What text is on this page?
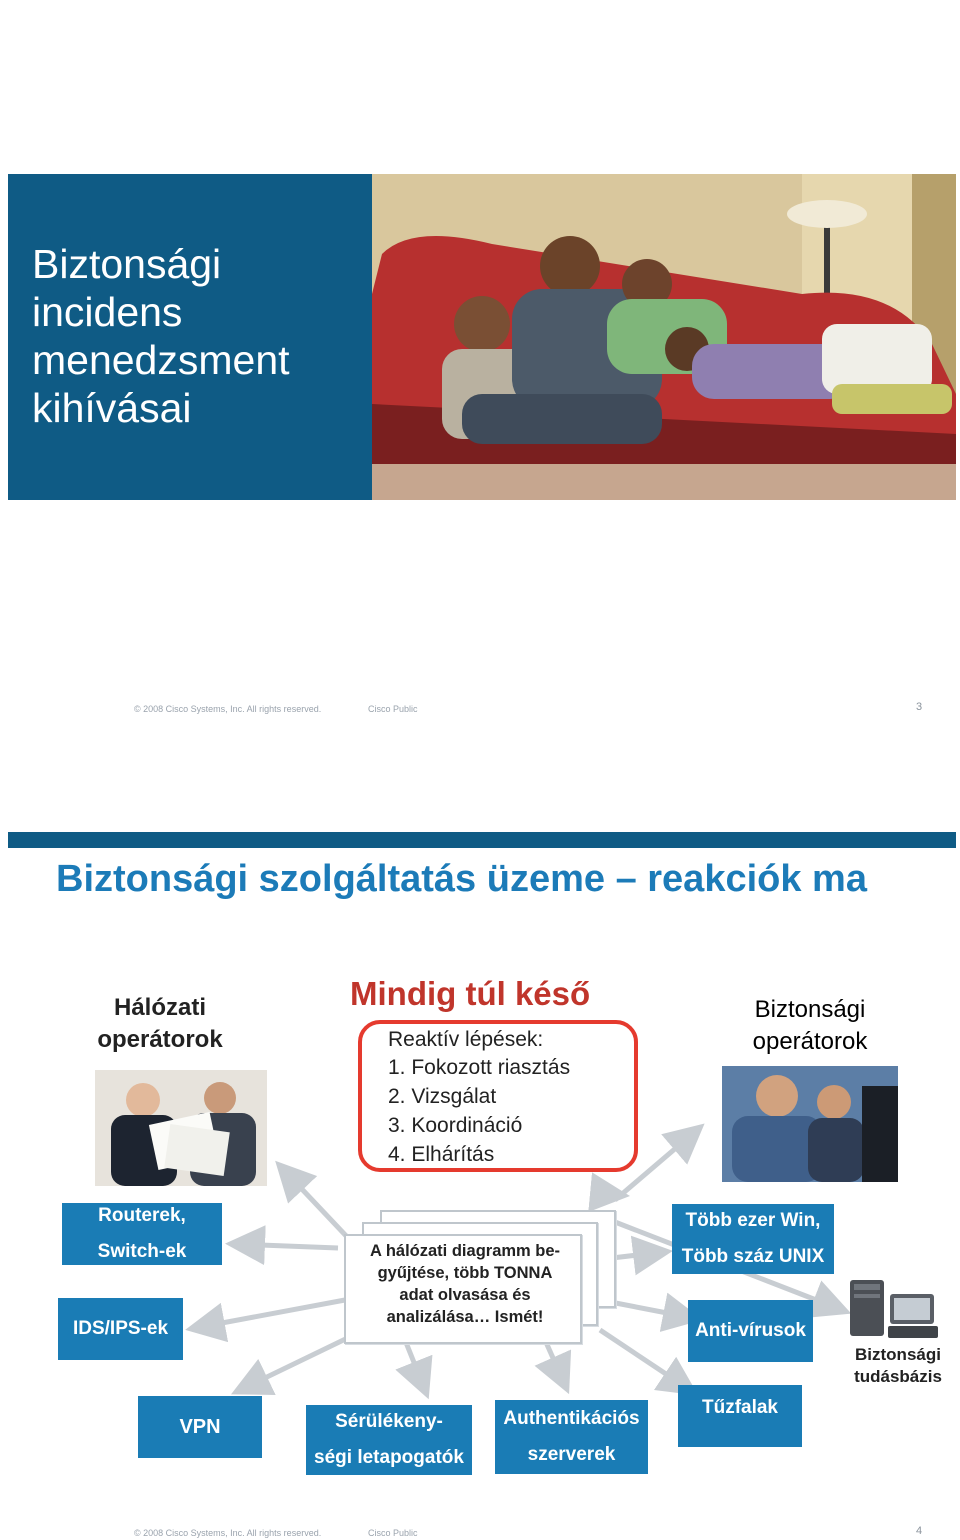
Biztonsági
incidens
menedzsment
kihívásai
© 2008 Cisco Systems, Inc. All rights reserved.	Cisco Public	3
Biztonsági szolgáltatás üzeme – reakciók ma
Hálózati
operátorok
Biztonsági
operátorok
Mindig túl késő
Reaktív lépések:
1. Fokozott riasztás
2. Vizsgálat
3. Koordináció
4. Elhárítás
A hálózati diagramm be-
gyűjtése, több TONNA
adat olvasása és
analizálása… Ismét!
Routerek,
Switch-ek
IDS/IPS-ek
VPN	Sérülékeny-
ségi letapogatók
Authentikációs
szerverek
Tűzfalak
Anti-vírusok
Több ezer Win,
Több száz UNIX
Biztonsági
tudásbázis
© 2008 Cisco Systems, Inc. All rights reserved.	Cisco Public	4
